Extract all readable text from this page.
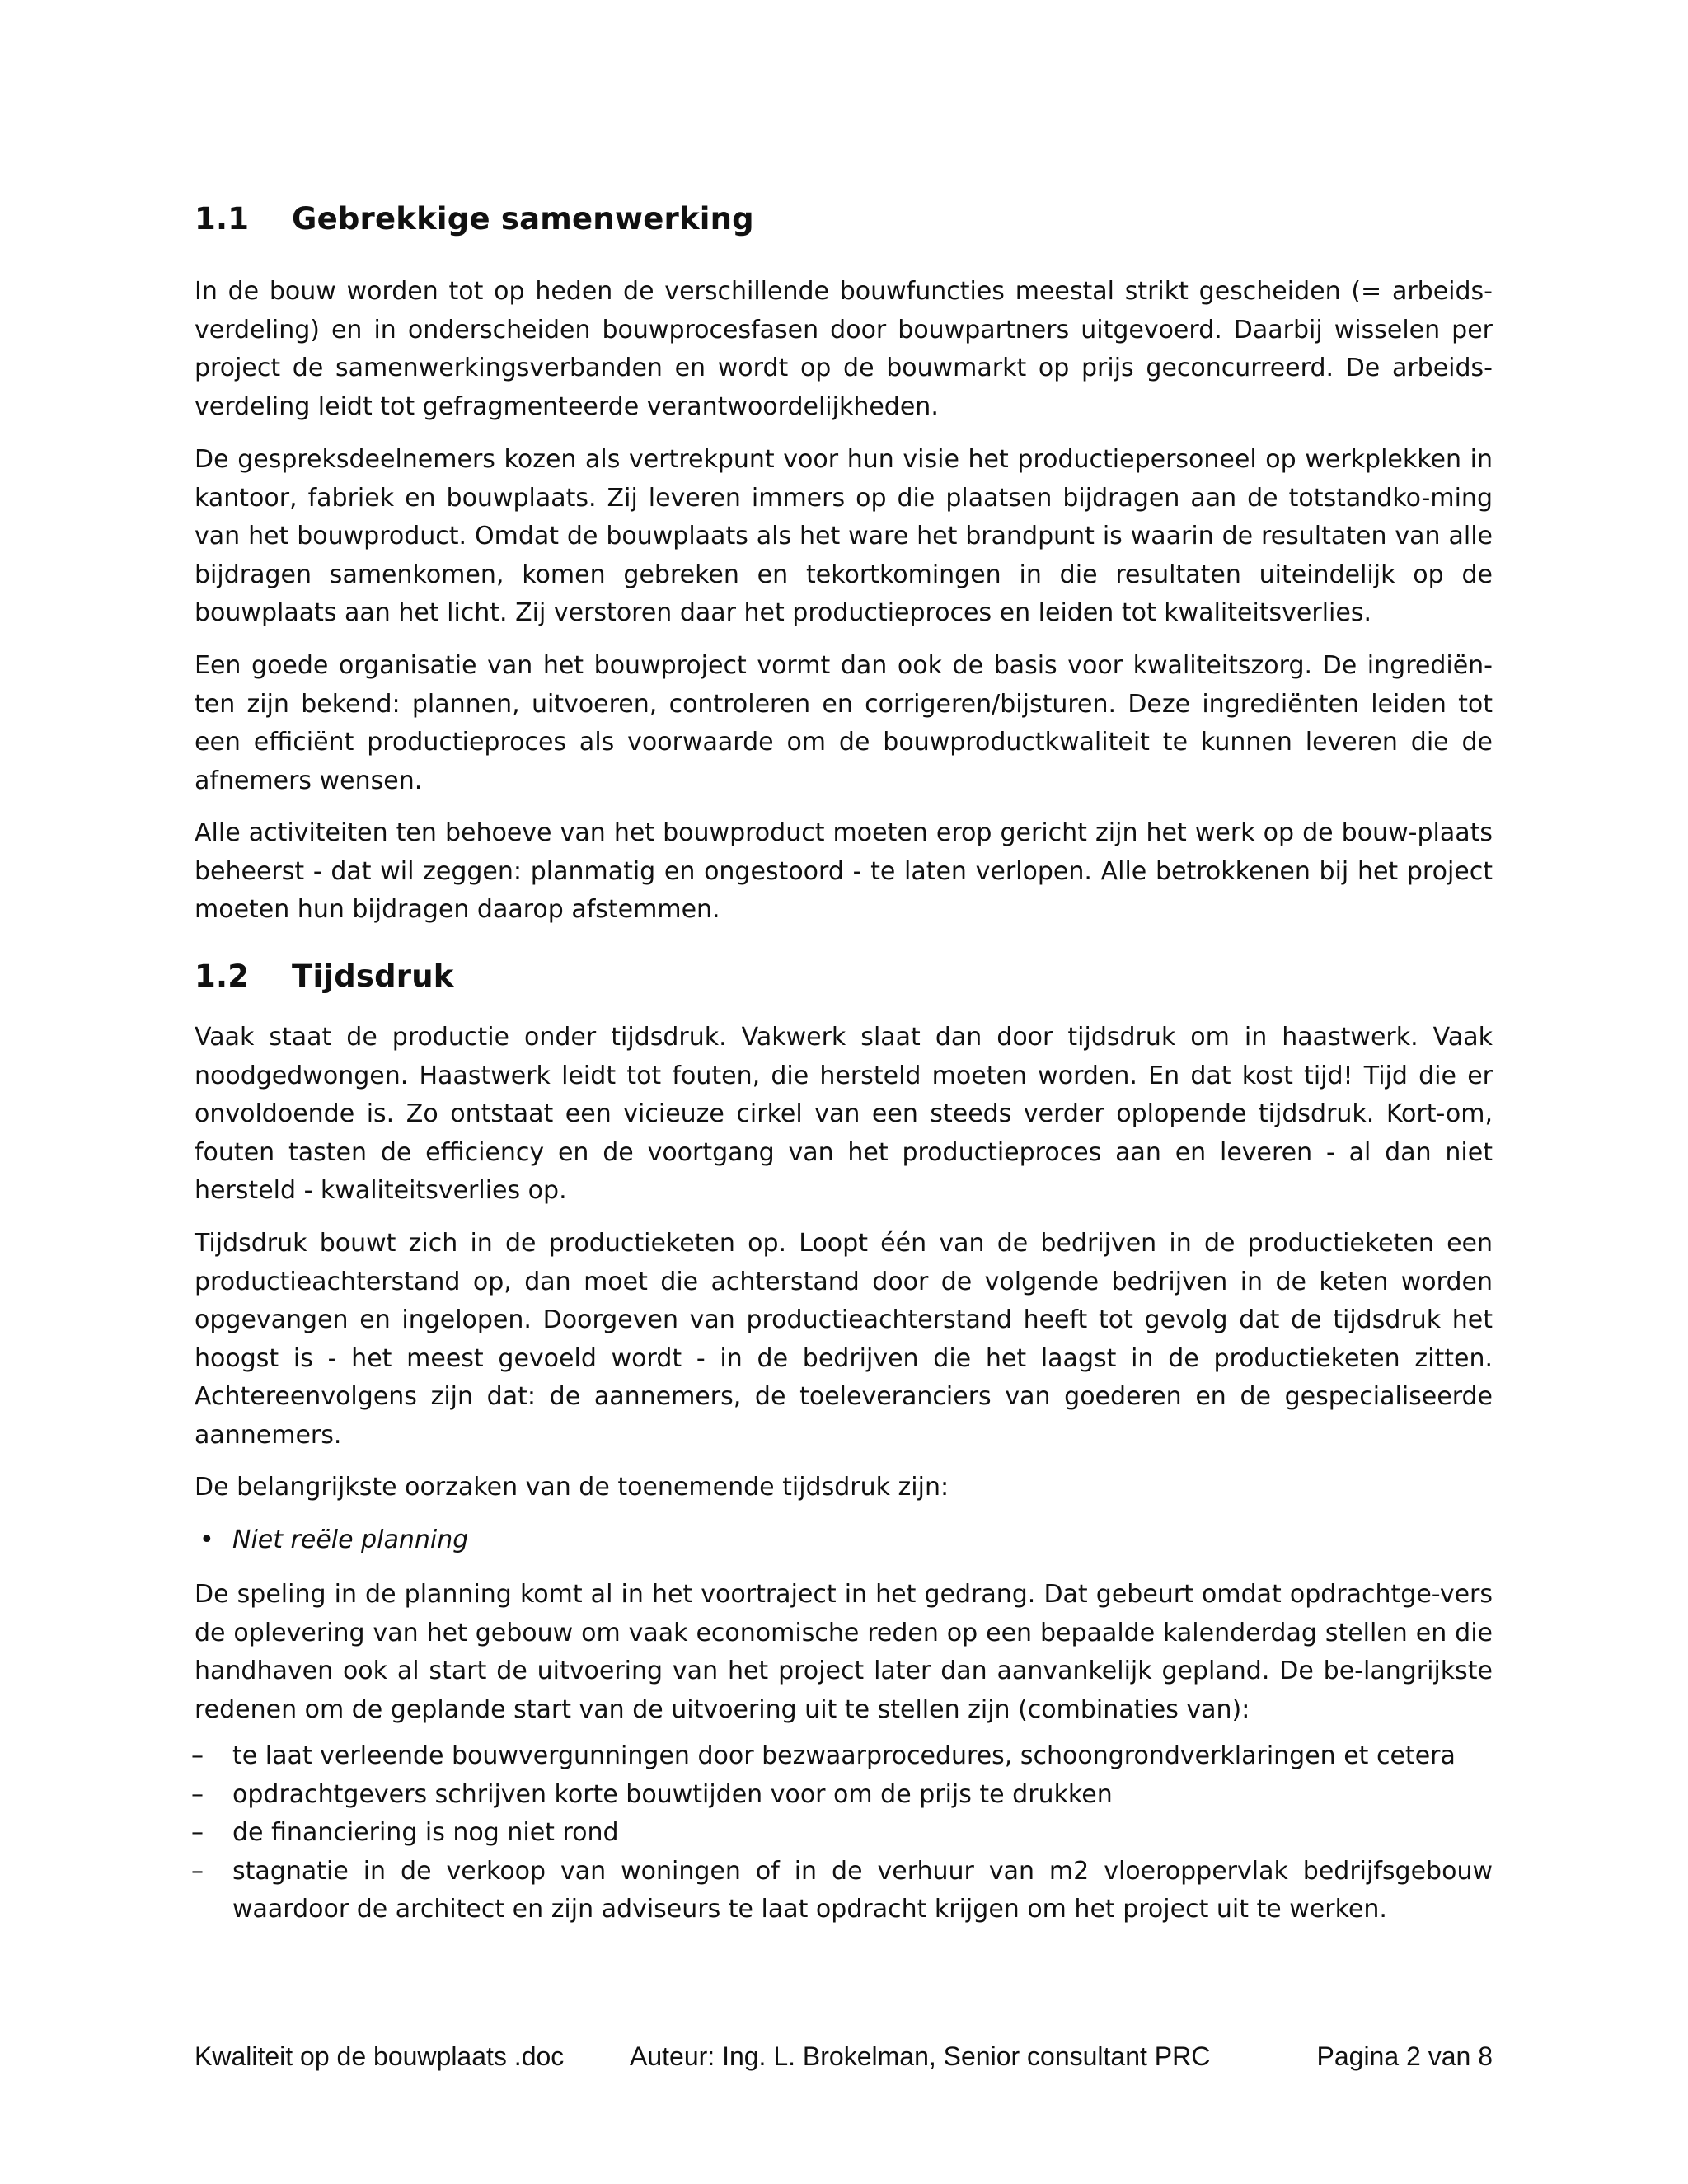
1.1 Gebrekkige samenwerking

In de bouw worden tot op heden de verschillende bouwfuncties meestal strikt gescheiden (= arbeids-verdeling) en in onderscheiden bouwprocesfasen door bouwpartners uitgevoerd. Daarbij wisselen per project de samenwerkingsverbanden en wordt op de bouwmarkt op prijs geconcurreerd. De arbeids-verdeling leidt tot gefragmenteerde verantwoordelijkheden.

De gespreksdeelnemers kozen als vertrekpunt voor hun visie het productiepersoneel op werkplekken in kantoor, fabriek en bouwplaats. Zij leveren immers op die plaatsen bijdragen aan de totstandko-ming van het bouwproduct. Omdat de bouwplaats als het ware het brandpunt is waarin de resultaten van alle bijdragen samenkomen, komen gebreken en tekortkomingen in die resultaten uiteindelijk op de bouwplaats aan het licht. Zij verstoren daar het productieproces en leiden tot kwaliteitsverlies.

Een goede organisatie van het bouwproject vormt dan ook de basis voor kwaliteitszorg. De ingrediën-ten zijn bekend: plannen, uitvoeren, controleren en corrigeren/bijsturen. Deze ingrediënten leiden tot een efficiënt productieproces als voorwaarde om de bouwproductkwaliteit te kunnen leveren die de afnemers wensen.

Alle activiteiten ten behoeve van het bouwproduct moeten erop gericht zijn het werk op de bouw-plaats beheerst - dat wil zeggen: planmatig en ongestoord - te laten verlopen. Alle betrokkenen bij het project moeten hun bijdragen daarop afstemmen.

1.2 Tijdsdruk

Vaak staat de productie onder tijdsdruk. Vakwerk slaat dan door tijdsdruk om in haastwerk. Vaak noodgedwongen. Haastwerk leidt tot fouten, die hersteld moeten worden. En dat kost tijd! Tijd die er onvoldoende is. Zo ontstaat een vicieuze cirkel van een steeds verder oplopende tijdsdruk. Kort-om, fouten tasten de efficiency en de voortgang van het productieproces aan en leveren - al dan niet hersteld - kwaliteitsverlies op.

Tijdsdruk bouwt zich in de productieketen op. Loopt één van de bedrijven in de productieketen een productieachterstand op, dan moet die achterstand door de volgende bedrijven in de keten worden opgevangen en ingelopen. Doorgeven van productieachterstand heeft tot gevolg dat de tijdsdruk het hoogst is - het meest gevoeld wordt - in de bedrijven die het laagst in de productieketen zitten. Achtereenvolgens zijn dat: de aannemers, de toeleveranciers van goederen en de gespecialiseerde aannemers.

De belangrijkste oorzaken van de toenemende tijdsdruk zijn:

• Niet reële planning

De speling in de planning komt al in het voortraject in het gedrang. Dat gebeurt omdat opdrachtge-vers de oplevering van het gebouw om vaak economische reden op een bepaalde kalenderdag stellen en die handhaven ook al start de uitvoering van het project later dan aanvankelijk gepland. De be-langrijkste redenen om de geplande start van de uitvoering uit te stellen zijn (combinaties van):

– te laat verleende bouwvergunningen door bezwaarprocedures, schoongrondverklaringen et cetera
– opdrachtgevers schrijven korte bouwtijden voor om de prijs te drukken
– de financiering is nog niet rond
– stagnatie in de verkoop van woningen of in de verhuur van m2 vloeroppervlak bedrijfsgebouw waardoor de architect en zijn adviseurs te laat opdracht krijgen om het project uit te werken.
Kwaliteit op de bouwplaats .doc Auteur: Ing. L. Brokelman, Senior consultant PRC	Pagina 2 van 8
